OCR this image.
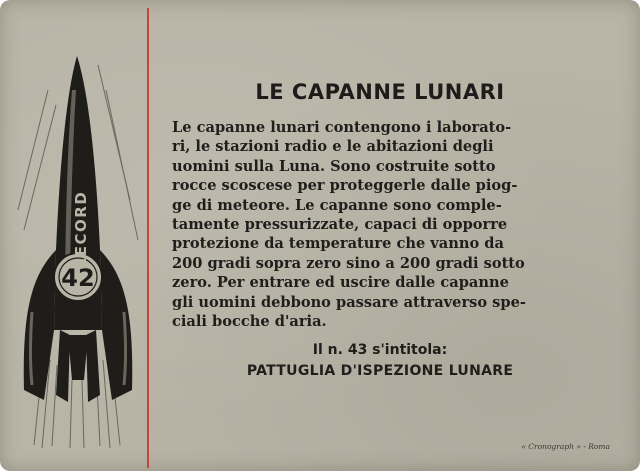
42
RECORD
LE CAPANNE LUNARI
Le capanne lunari contengono i laborato-
ri, le stazioni radio e le abitazioni degli
uomini sulla Luna. Sono costruite sotto
rocce scoscese per proteggerle dalle piog-
ge di meteore. Le capanne sono comple-
tamente pressurizzate, capaci di opporre
protezione da temperature che vanno da
200 gradi sopra zero sino a 200 gradi sotto
zero. Per entrare ed uscire dalle capanne
gli uomini debbono passare attraverso spe-
ciali bocche d'aria.
Il n. 43 s'intitola:
PATTUGLIA D'ISPEZIONE LUNARE
« Cronograph » - Roma
